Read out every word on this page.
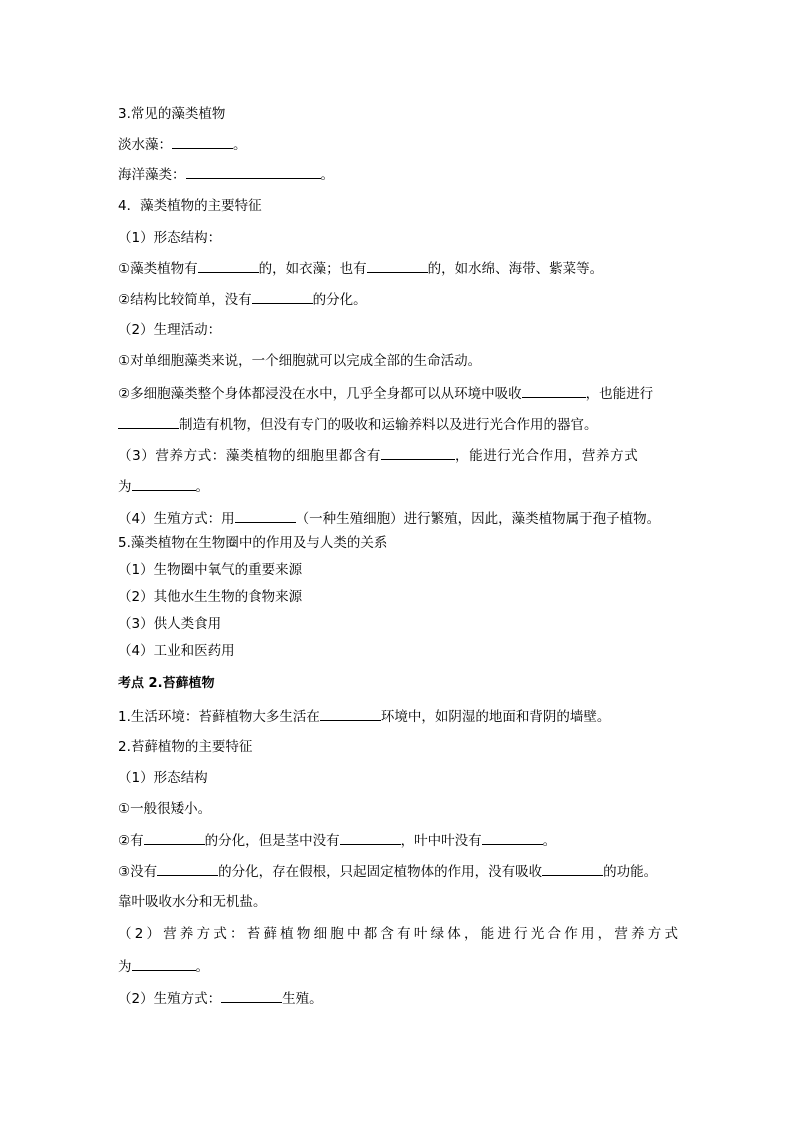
3.常见的藻类植物
淡水藻：	。
海洋藻类：	。
4．藻类植物的主要特征
（1）形态结构：
①藻类植物有	的，如衣藻；也有	的，如水绵、海带、紫菜等。
②结构比较简单，没有	的分化。
（2）生理活动：
①对单细胞藻类来说，一个细胞就可以完成全部的生命活动。
②多细胞藻类整个身体都浸没在水中，几乎全身都可以从环境中吸收	，也能进行
制造有机物，但没有专门的吸收和运输养料以及进行光合作用的器官。
（3）营养方式：藻类植物的细胞里都含有	，能进行光合作用，营养方式
为	。
（4）生殖方式：用	（一种生殖细胞）进行繁殖，因此，藻类植物属于孢子植物。
5.藻类植物在生物圈中的作用及与人类的关系
（1）生物圈中氧气的重要来源
（2）其他水生生物的食物来源
（3）供人类食用
（4）工业和医药用
考点 2.苔藓植物
1.生活环境：苔藓植物大多生活在	环境中，如阴湿的地面和背阴的墙壁。
2.苔藓植物的主要特征
（1）形态结构
①一般很矮小。
②有	的分化，但是茎中没有	，叶中叶没有	。
③没有	的分化，存在假根，只起固定植物体的作用，没有吸收	的功能。
靠叶吸收水分和无机盐。
（2）营养方式：苔藓植物细胞中都含有叶绿体，能进行光合作用，营养方式
为	。
（2）生殖方式：	生殖。
